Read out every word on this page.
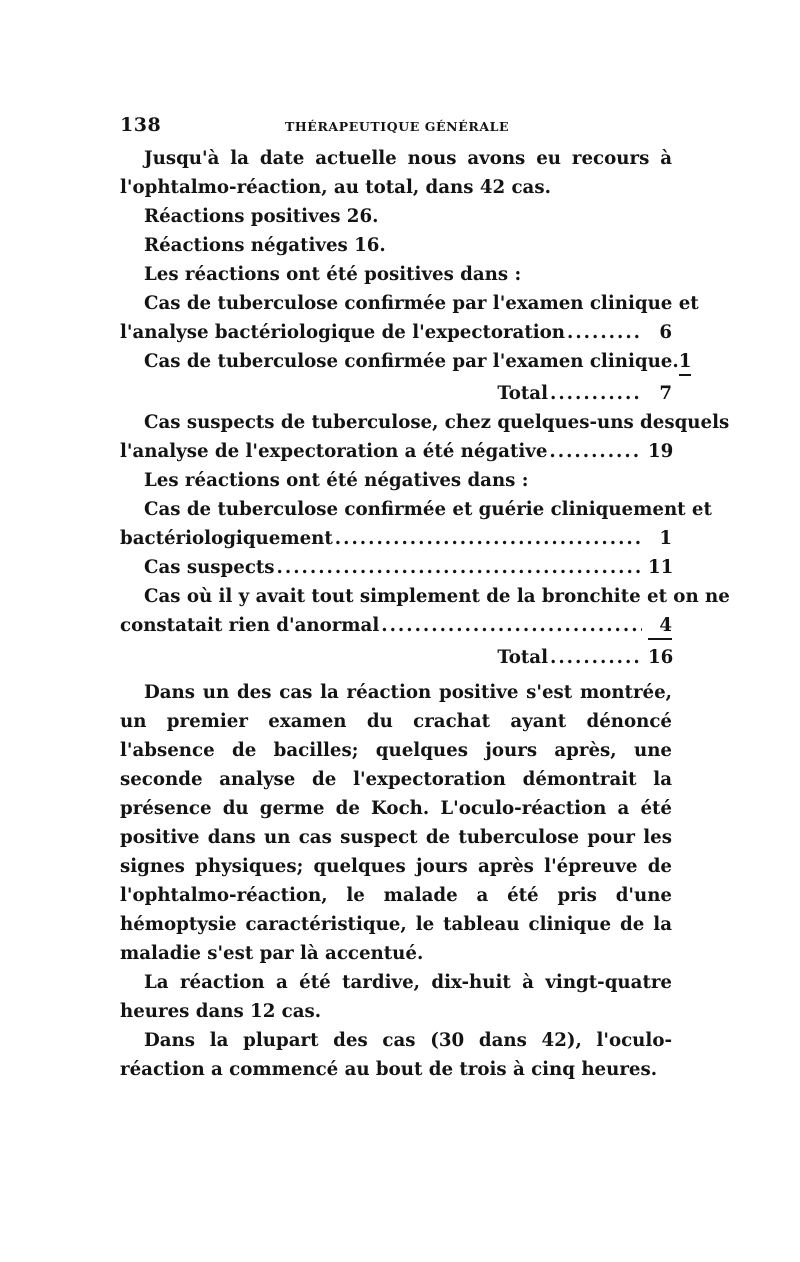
138	THÉRAPEUTIQUE GÉNÉRALE

Jusqu'à la date actuelle nous avons eu recours à l'ophtalmo-réaction, au total, dans 42 cas.

Réactions positives 26.

Réactions négatives 16.

Les réactions ont été positives dans :

Cas de tuberculose confirmée par l'examen clinique et

l'analyse bactériologique de l'expectoration .....	6
Cas de tuberculose confirmée par l'examen clinique. 1
Total .....	7

Cas suspects de tuberculose, chez quelques-uns desquels

l'analyse de l'expectoration a été négative .....	19

Les réactions ont été négatives dans :

Cas de tuberculose confirmée et guérie cliniquement et

bactériologiquement .....	1
Cas suspects .....	11

Cas où il y avait tout simplement de la bronchite et on ne

constatait rien d'anormal .....	4
Total .....	16

Dans un des cas la réaction positive s'est montrée, un premier examen du crachat ayant dénoncé l'absence de bacilles; quelques jours après, une seconde analyse de l'expectoration démontrait la présence du germe de Koch. L'oculo-réaction a été positive dans un cas suspect de tuberculose pour les signes physiques; quelques jours après l'épreuve de l'ophtalmo-réaction, le malade a été pris d'une hémoptysie caractéristique, le tableau clinique de la maladie s'est par là accentué.

La réaction a été tardive, dix-huit à vingt-quatre heures dans 12 cas.

Dans la plupart des cas (30 dans 42), l'oculo-réaction a commencé au bout de trois à cinq heures.
